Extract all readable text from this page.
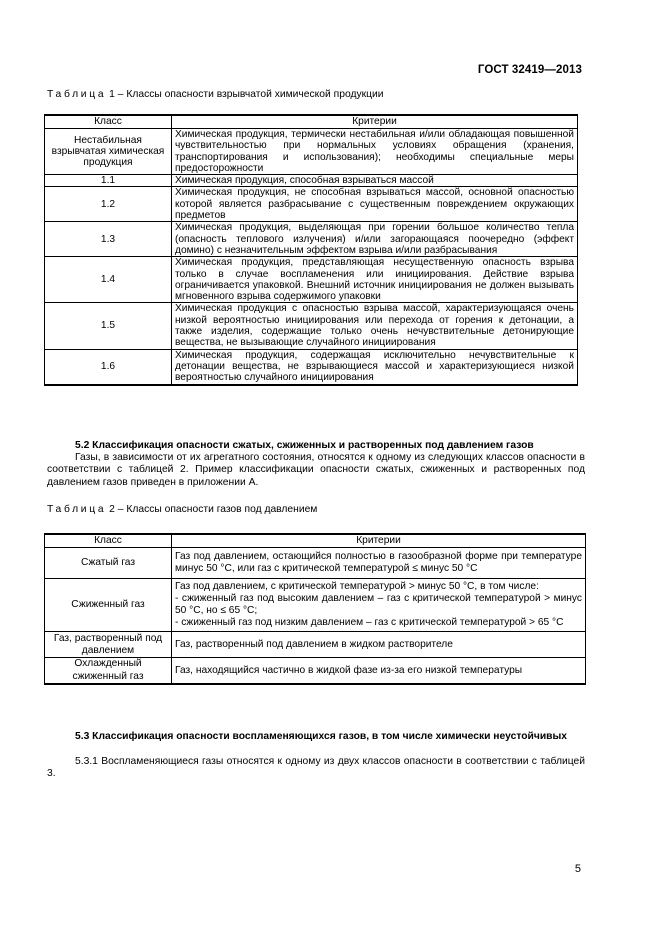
ГОСТ 32419—2013
Таблица 1 – Классы опасности взрывчатой химической продукции
Класс	Критерии
Нестабильная взрывчатая химическая продукция	Химическая продукция, термически нестабильная и/или обладающая повышенной чувствительностью при нормальных условиях обращения (хранения, транспортирования и использования); необходимы специальные меры предосторожности
1.1	Химическая продукция, способная взрываться массой
1.2	Химическая продукция, не способная взрываться массой, основной опасностью которой является разбрасывание с существенным повреждением окружающих предметов
1.3	Химическая продукция, выделяющая при горении большое количество тепла (опасность теплового излучения) и/или загорающаяся поочередно (эффект домино) с незначительным эффектом взрыва и/или разбрасывания
1.4	Химическая продукция, представляющая несущественную опасность взрыва только в случае воспламенения или инициирования. Действие взрыва ограничивается упаковкой. Внешний источник инициирования не должен вызывать мгновенного взрыва содержимого упаковки
1.5	Химическая продукция с опасностью взрыва массой, характеризующаяся очень низкой вероятностью инициирования или перехода от горения к детонации, а также изделия, содержащие только очень нечувствительные детонирующие вещества, не вызывающие случайного инициирования
1.6	Химическая продукция, содержащая исключительно нечувствительные к детонации вещества, не взрывающиеся массой и характеризующиеся низкой вероятностью случайного инициирования
5.2 Классификация опасности сжатых, сжиженных и растворенных под давлением газов
Газы, в зависимости от их агрегатного состояния, относятся к одному из следующих классов опасности в соответствии с таблицей 2. Пример классификации опасности сжатых, сжиженных и растворенных под давлением газов приведен в приложении А.
Таблица 2 – Классы опасности газов под давлением
Класс	Критерии
Сжатый газ	Газ под давлением, остающийся полностью в газообразной форме при температуре минус 50 °С, или газ с критической температурой ≤ минус 50 °С
Сжиженный газ	Газ под давлением, с критической температурой > минус 50 °С, в том числе:
- сжиженный газ под высоким давлением – газ с критической температурой > минус 50 °С, но ≤ 65 °С;
- сжиженный газ под низким давлением – газ с критической температурой > 65 °С

Газ, растворенный под давлением	Газ, растворенный под давлением в жидком растворителе
Охлажденный сжиженный газ	Газ, находящийся частично в жидкой фазе из-за его низкой температуры
5.3 Классификация опасности воспламеняющихся газов, в том числе химически неустойчивых
5.3.1 Воспламеняющиеся газы относятся к одному из двух классов опасности в соответствии с таблицей 3.
5
